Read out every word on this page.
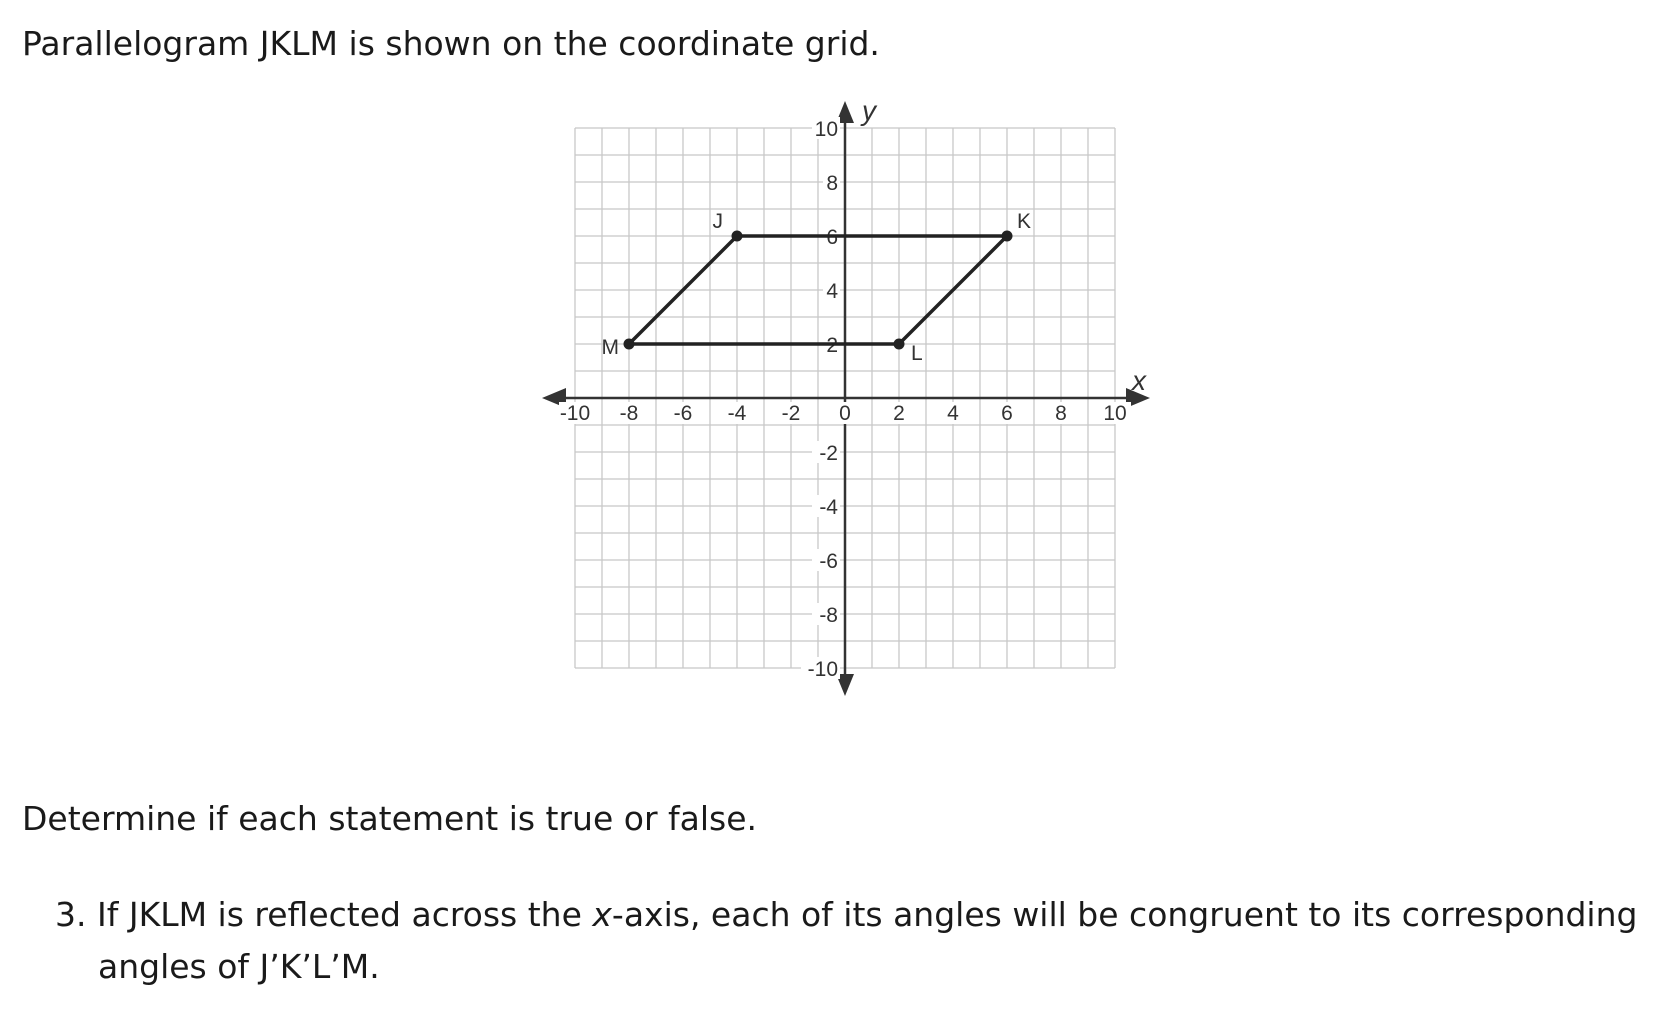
Parallelogram JKLM is shown on the coordinate grid.

x
y
-10 -8 -6 -4 -2 0 2 4 6 8 10
10
8
6
4
2
-2
-4
-6
-8
-10
J	K
L
M

Determine if each statement is true or false.

3. If JKLM is reflected across the x-axis, each of its angles will be congruent to its corresponding
angles of J’K’L’M.
